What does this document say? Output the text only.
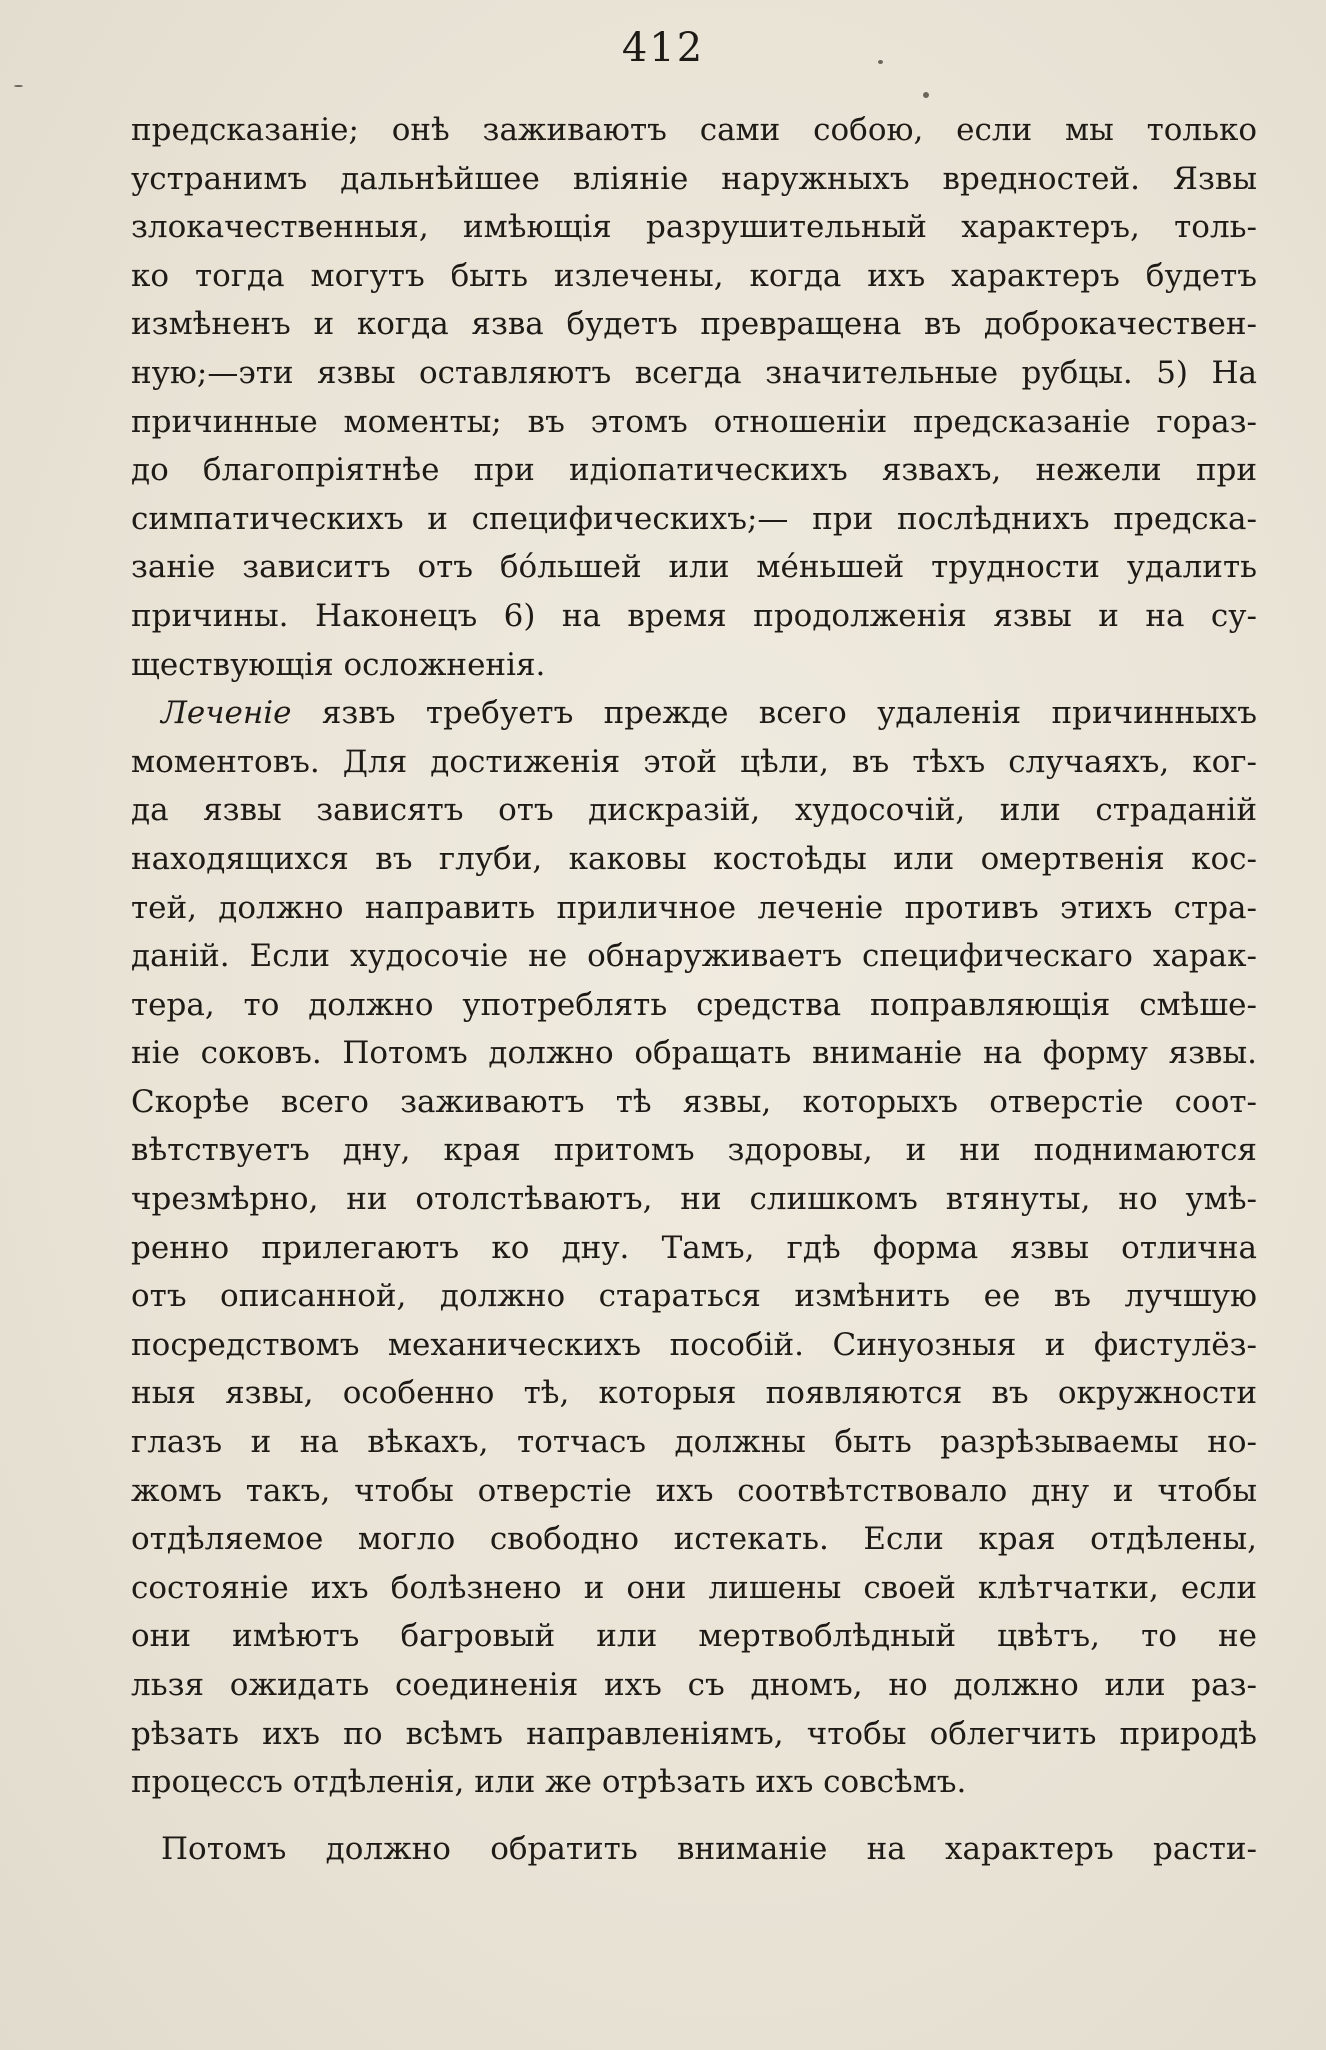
412
предсказаніе; онѣ заживаютъ сами собою, если мы только
устранимъ дальнѣйшее вліяніе наружныхъ вредностей. Язвы
злокачественныя, имѣющія разрушительный характеръ, толь-
ко тогда могутъ быть излечены, когда ихъ характеръ будетъ
измѣненъ и когда язва будетъ превращена въ доброкачествен-
ную;—эти язвы оставляютъ всегда значительные рубцы. 5) На
причинные моменты; въ этомъ отношеніи предсказаніе гораз-
до благопріятнѣе при идіопатическихъ язвахъ, нежели при
симпатическихъ и специфическихъ;— при послѣднихъ предска-
заніе зависитъ отъ бóльшей или мéньшей трудности удалить
причины. Наконецъ 6) на время продолженія язвы и на су-
ществующія осложненія.
Леченіе язвъ требуетъ прежде всего удаленія причинныхъ
моментовъ. Для достиженія этой цѣли, въ тѣхъ случаяхъ, ког-
да язвы зависятъ отъ дискразій, худосочій, или страданій
находящихся въ глуби, каковы костоѣды или омертвенія кос-
тей, должно направить приличное леченіе противъ этихъ стра-
даній. Если худосочіе не обнаруживаетъ специфическаго харак-
тера, то должно употреблять средства поправляющія смѣше-
ніе соковъ. Потомъ должно обращать вниманіе на форму язвы.
Скорѣе всего заживаютъ тѣ язвы, которыхъ отверстіе соот-
вѣтствуетъ дну, края притомъ здоровы, и ни поднимаются
чрезмѣрно, ни отолстѣваютъ, ни слишкомъ втянуты, но умѣ-
ренно прилегаютъ ко дну. Тамъ, гдѣ форма язвы отлична
отъ описанной, должно стараться измѣнить ее въ лучшую
посредствомъ механическихъ пособій. Синуозныя и фистулёз-
ныя язвы, особенно тѣ, которыя появляются въ окружности
глазъ и на вѣкахъ, тотчасъ должны быть разрѣзываемы но-
жомъ такъ, чтобы отверстіе ихъ соотвѣтствовало дну и чтобы
отдѣляемое могло свободно истекать. Если края отдѣлены,
состояніе ихъ болѣзнено и они лишены своей клѣтчатки, если
они имѣютъ багровый или мертвоблѣдный цвѣтъ, то не
льзя ожидать соединенія ихъ съ дномъ, но должно или раз-
рѣзать ихъ по всѣмъ направленіямъ, чтобы облегчить природѣ
процессъ отдѣленія, или же отрѣзать ихъ совсѣмъ.
Потомъ должно обратить вниманіе на характеръ расти-
